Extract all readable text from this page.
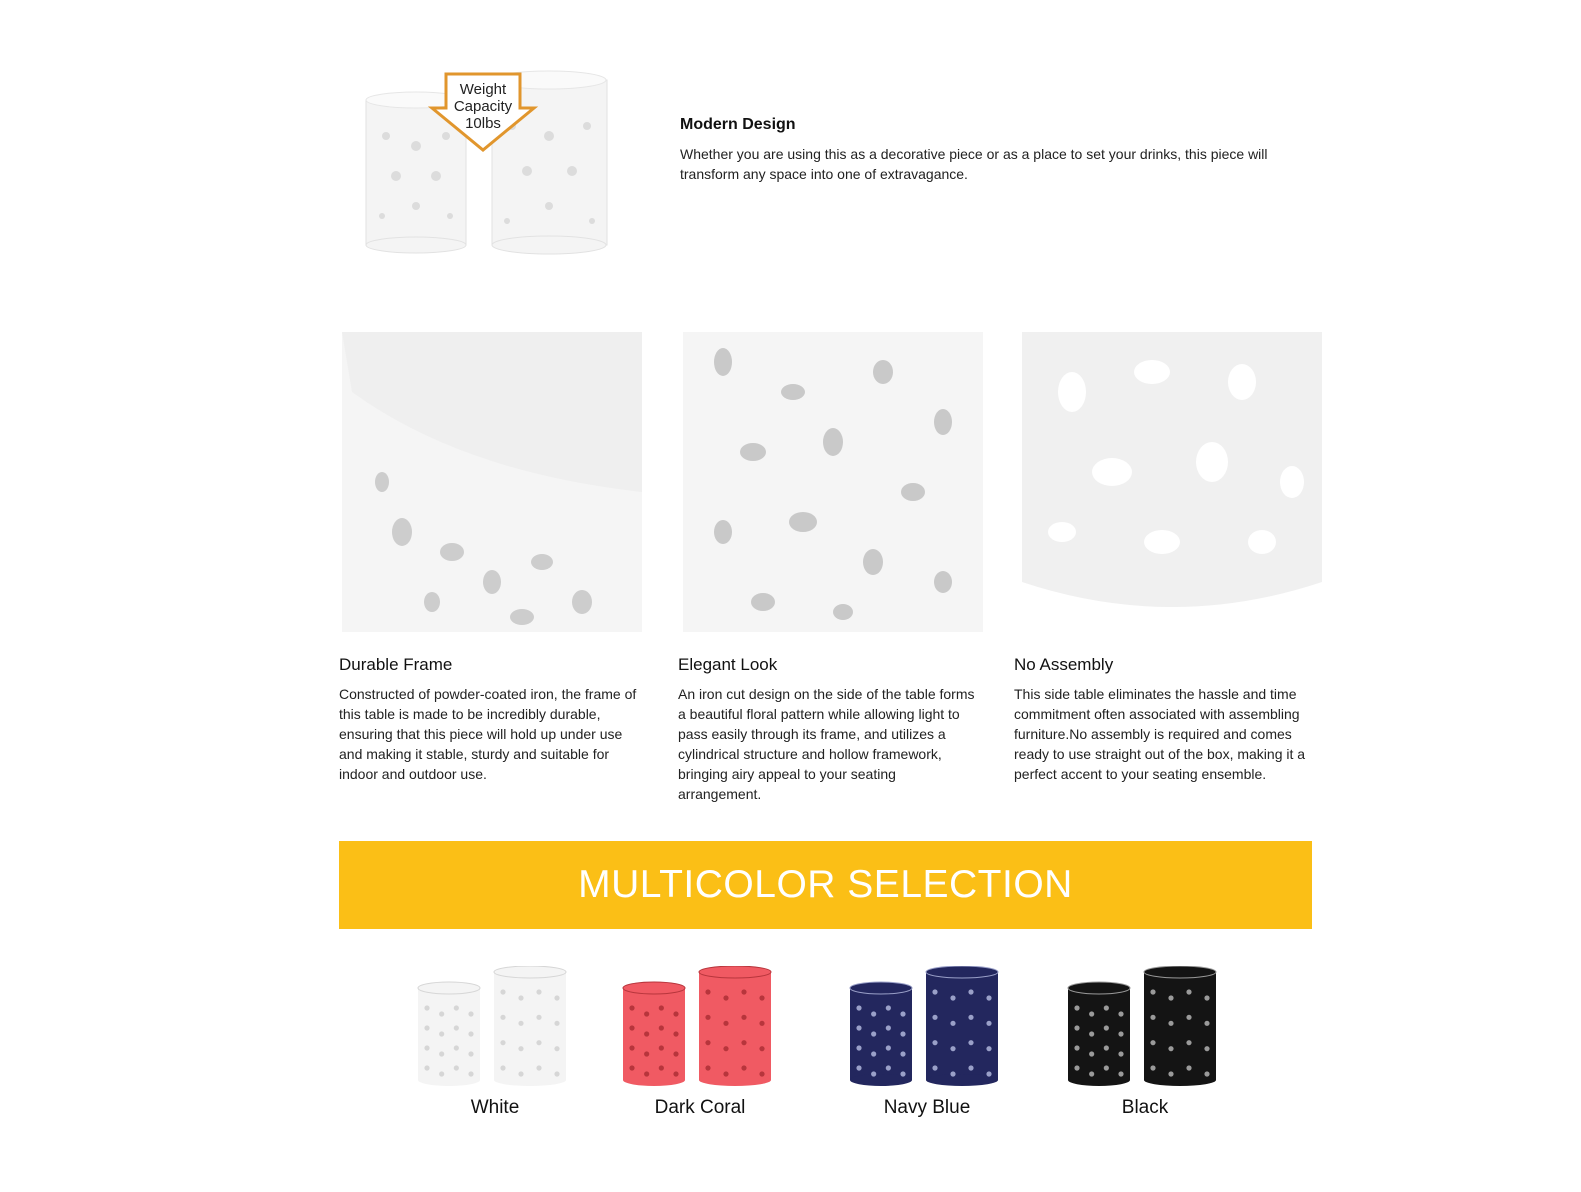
Weight
Capacity
10lbs	Modern Design

Whether you are using this as a decorative piece or as a place to set your drinks, this piece will transform any space into one of extravagance.

Durable Frame

Constructed of powder-coated iron, the frame of this table is made to be incredibly durable, ensuring that this piece will hold up under use and making it stable, sturdy and suitable for indoor and outdoor use.

Elegant Look

An iron cut design on the side of the table forms a beautiful floral pattern while allowing light to pass easily through its frame, and utilizes a cylindrical structure and hollow framework, bringing airy appeal to your seating arrangement.

No Assembly

This side table eliminates the hassle and time commitment often associated with assembling furniture.No assembly is required and comes ready to use straight out of the box, making it a perfect accent to your seating ensemble.

MULTICOLOR SELECTION
White	Dark Coral	Navy Blue	Black
